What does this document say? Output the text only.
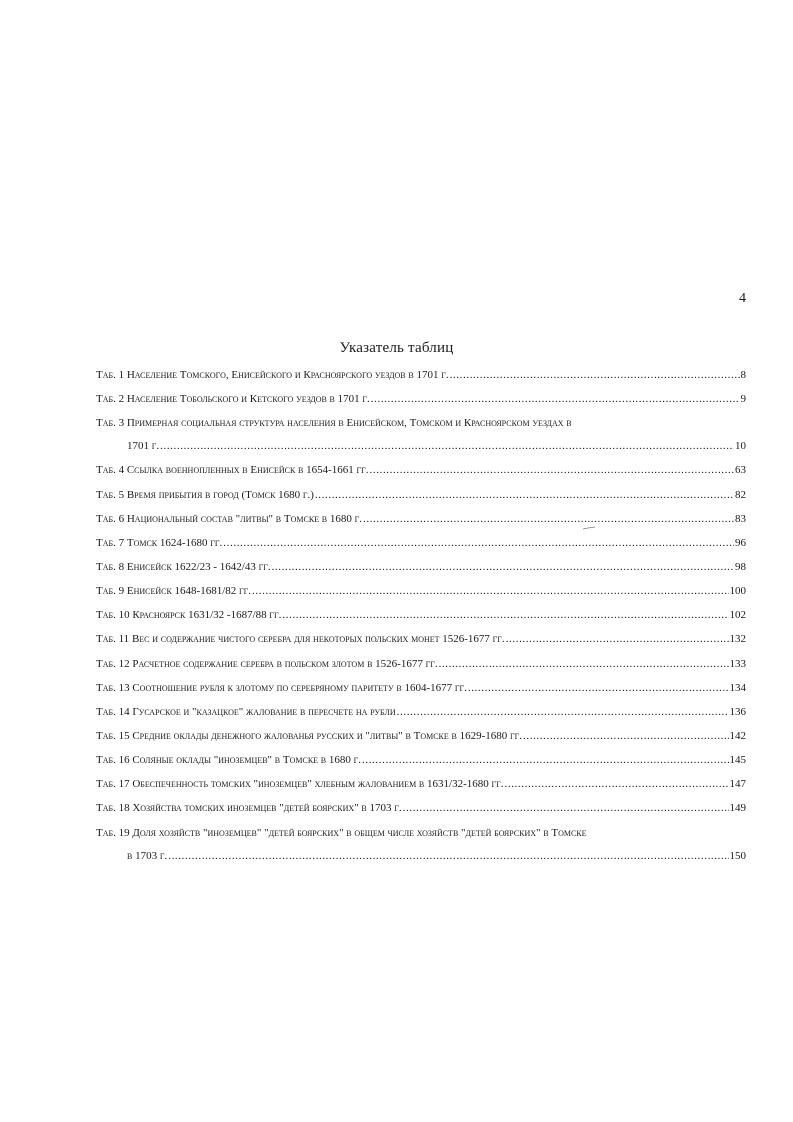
4
Указатель таблиц
Таб. 1 Население Томского, Енисейского и Красноярского уездов в 1701 г. .....	8
Таб. 2 Население Тобольского и Кетского уездов в 1701 г. .....	9
Таб. 3 Примерная социальная структура населения в Енисейском, Томском и Красноярском уездах в
1701 г. .....	10
Таб. 4 Ссылка военнопленных в Енисейск в 1654-1661 гг. .....	63
Таб. 5 Время прибытия в город (Томск 1680 г.) .....	82
Таб. 6 Национальный состав "литвы" в Томске в 1680 г. .....	83
Таб. 7 Томск 1624-1680 гг. .....	96
Таб. 8 Енисейск 1622/23 - 1642/43 гг. .....	98
Таб. 9 Енисейск 1648-1681/82 гг. .....	100
Таб. 10 Красноярск 1631/32 -1687/88 гг. .....	102
Таб. 11 Вес и содержание чистого серебра для некоторых польских монет 1526-1677 гг. .....	132
Таб. 12 Расчетное содержание серебра в польском злотом в 1526-1677 гг. .....	133
Таб. 13 Соотношение рубля к злотому по серебряному паритету в 1604-1677 гг. .....	134
Таб. 14 Гусарское и "казацкое" жалование в пересчете на рубли .....	136
Таб. 15 Средние оклады денежного жалованья русских и "литвы" в Томске в 1629-1680 гг. .....	142
Таб. 16 Соляные оклады "иноземцев" в Томске в 1680 г. .....	145
Таб. 17 Обеспеченность томских "иноземцев" хлебным жалованием в 1631/32-1680 гг. .....	147
Таб. 18 Хозяйства томских иноземцев "детей боярских" в 1703 г. .....	149
Таб. 19 Доля хозяйств "иноземцев" "детей боярских" в общем числе хозяйств "детей боярских" в Томске
в 1703 г. .....	150
